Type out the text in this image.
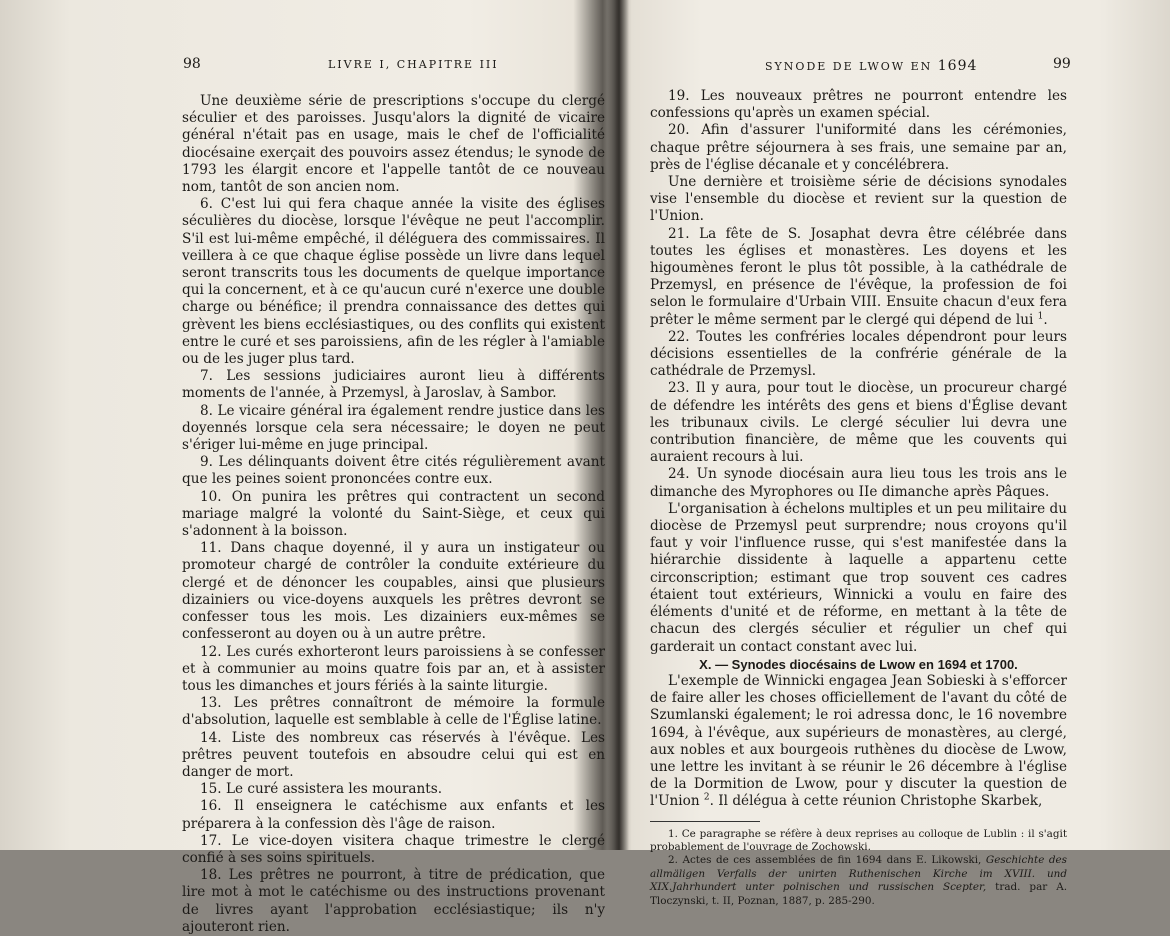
98	LIVRE I, CHAPITRE III

Une deuxième série de prescriptions s'occupe du clergé séculier et des paroisses. Jusqu'alors la dignité de vicaire général n'était pas en usage, mais le chef de l'officialité diocésaine exerçait des pouvoirs assez étendus; le synode de 1793 les élargit encore et l'appelle tantôt de ce nouveau nom, tantôt de son ancien nom.

6. C'est lui qui fera chaque année la visite des églises séculières du diocèse, lorsque l'évêque ne peut l'accomplir. S'il est lui-même empêché, il déléguera des commissaires. Il veillera à ce que chaque église possède un livre dans lequel seront transcrits tous les documents de quelque importance qui la concernent, et à ce qu'aucun curé n'exerce une double charge ou bénéfice; il prendra connaissance des dettes qui grèvent les biens ecclésiastiques, ou des conflits qui existent entre le curé et ses paroissiens, afin de les régler à l'amiable ou de les juger plus tard.

7. Les sessions judiciaires auront lieu à différents moments de l'année, à Przemysl, à Jaroslav, à Sambor.

8. Le vicaire général ira également rendre justice dans les doyennés lorsque cela sera nécessaire; le doyen ne peut s'ériger lui-même en juge principal.

9. Les délinquants doivent être cités régulièrement avant que les peines soient prononcées contre eux.

10. On punira les prêtres qui contractent un second mariage malgré la volonté du Saint-Siège, et ceux qui s'adonnent à la boisson.

11. Dans chaque doyenné, il y aura un instigateur ou promoteur chargé de contrôler la conduite extérieure du clergé et de dénoncer les coupables, ainsi que plusieurs dizainiers ou vice-doyens auxquels les prêtres devront se confesser tous les mois. Les dizainiers eux-mêmes se confesseront au doyen ou à un autre prêtre.

12. Les curés exhorteront leurs paroissiens à se confesser et à communier au moins quatre fois par an, et à assister tous les dimanches et jours fériés à la sainte liturgie.

13. Les prêtres connaîtront de mémoire la formule d'absolution, laquelle est semblable à celle de l'Église latine.

14. Liste des nombreux cas réservés à l'évêque. Les prêtres peuvent toutefois en absoudre celui qui est en danger de mort.

15. Le curé assistera les mourants.

16. Il enseignera le catéchisme aux enfants et les préparera à la confession dès l'âge de raison.

17. Le vice-doyen visitera chaque trimestre le clergé confié à ses soins spirituels.

18. Les prêtres ne pourront, à titre de prédication, que lire mot à mot le catéchisme ou des instructions provenant de livres ayant l'approbation ecclésiastique; ils n'y ajouteront rien.

SYNODE DE LWOW EN 1694	99

19. Les nouveaux prêtres ne pourront entendre les confessions qu'après un examen spécial.

20. Afin d'assurer l'uniformité dans les cérémonies, chaque prêtre séjournera à ses frais, une semaine par an, près de l'église décanale et y concélébrera.

Une dernière et troisième série de décisions synodales vise l'ensemble du diocèse et revient sur la question de l'Union.

21. La fête de S. Josaphat devra être célébrée dans toutes les églises et monastères. Les doyens et les higoumènes feront le plus tôt possible, à la cathédrale de Przemysl, en présence de l'évêque, la profession de foi selon le formulaire d'Urbain VIII. Ensuite chacun d'eux fera prêter le même serment par le clergé qui dépend de lui $^1$.

22. Toutes les confréries locales dépendront pour leurs décisions essentielles de la confrérie générale de la cathédrale de Przemysl.

23. Il y aura, pour tout le diocèse, un procureur chargé de défendre les intérêts des gens et biens d'Église devant les tribunaux civils. Le clergé séculier lui devra une contribution financière, de même que les couvents qui auraient recours à lui.

24. Un synode diocésain aura lieu tous les trois ans le dimanche des Myrophores ou IIe dimanche après Pâques.

L'organisation à échelons multiples et un peu militaire du diocèse de Przemysl peut surprendre; nous croyons qu'il faut y voir l'influence russe, qui s'est manifestée dans la hiérarchie dissidente à laquelle a appartenu cette circonscription; estimant que trop souvent ces cadres étaient tout extérieurs, Winnicki a voulu en faire des éléments d'unité et de réforme, en mettant à la tête de chacun des clergés séculier et régulier un chef qui garderait un contact constant avec lui.

X. — Synodes diocésains de Lwow en 1694 et 1700.

L'exemple de Winnicki engagea Jean Sobieski à s'efforcer de faire aller les choses officiellement de l'avant du côté de Szumlanski également; le roi adressa donc, le 16 novembre 1694, à l'évêque, aux supérieurs de monastères, au clergé, aux nobles et aux bourgeois ruthènes du diocèse de Lwow, une lettre les invitant à se réunir le 26 décembre à l'église de la Dormition de Lwow, pour y discuter la question de l'Union $^2$. Il délégua à cette réunion Christophe Skarbek,

1. Ce paragraphe se réfère à deux reprises au colloque de Lublin : il s'agit probablement de l'ouvrage de Zochowski.

2. Actes de ces assemblées de fin 1694 dans E. Likowski, Geschichte des allmäligen Verfalls der unirten Ruthenischen Kirche im XVIII. und XIX.Jahrhundert unter polnischen und russischen Scepter, trad. par A. Tloczynski, t. II, Poznan, 1887, p. 285-290.
